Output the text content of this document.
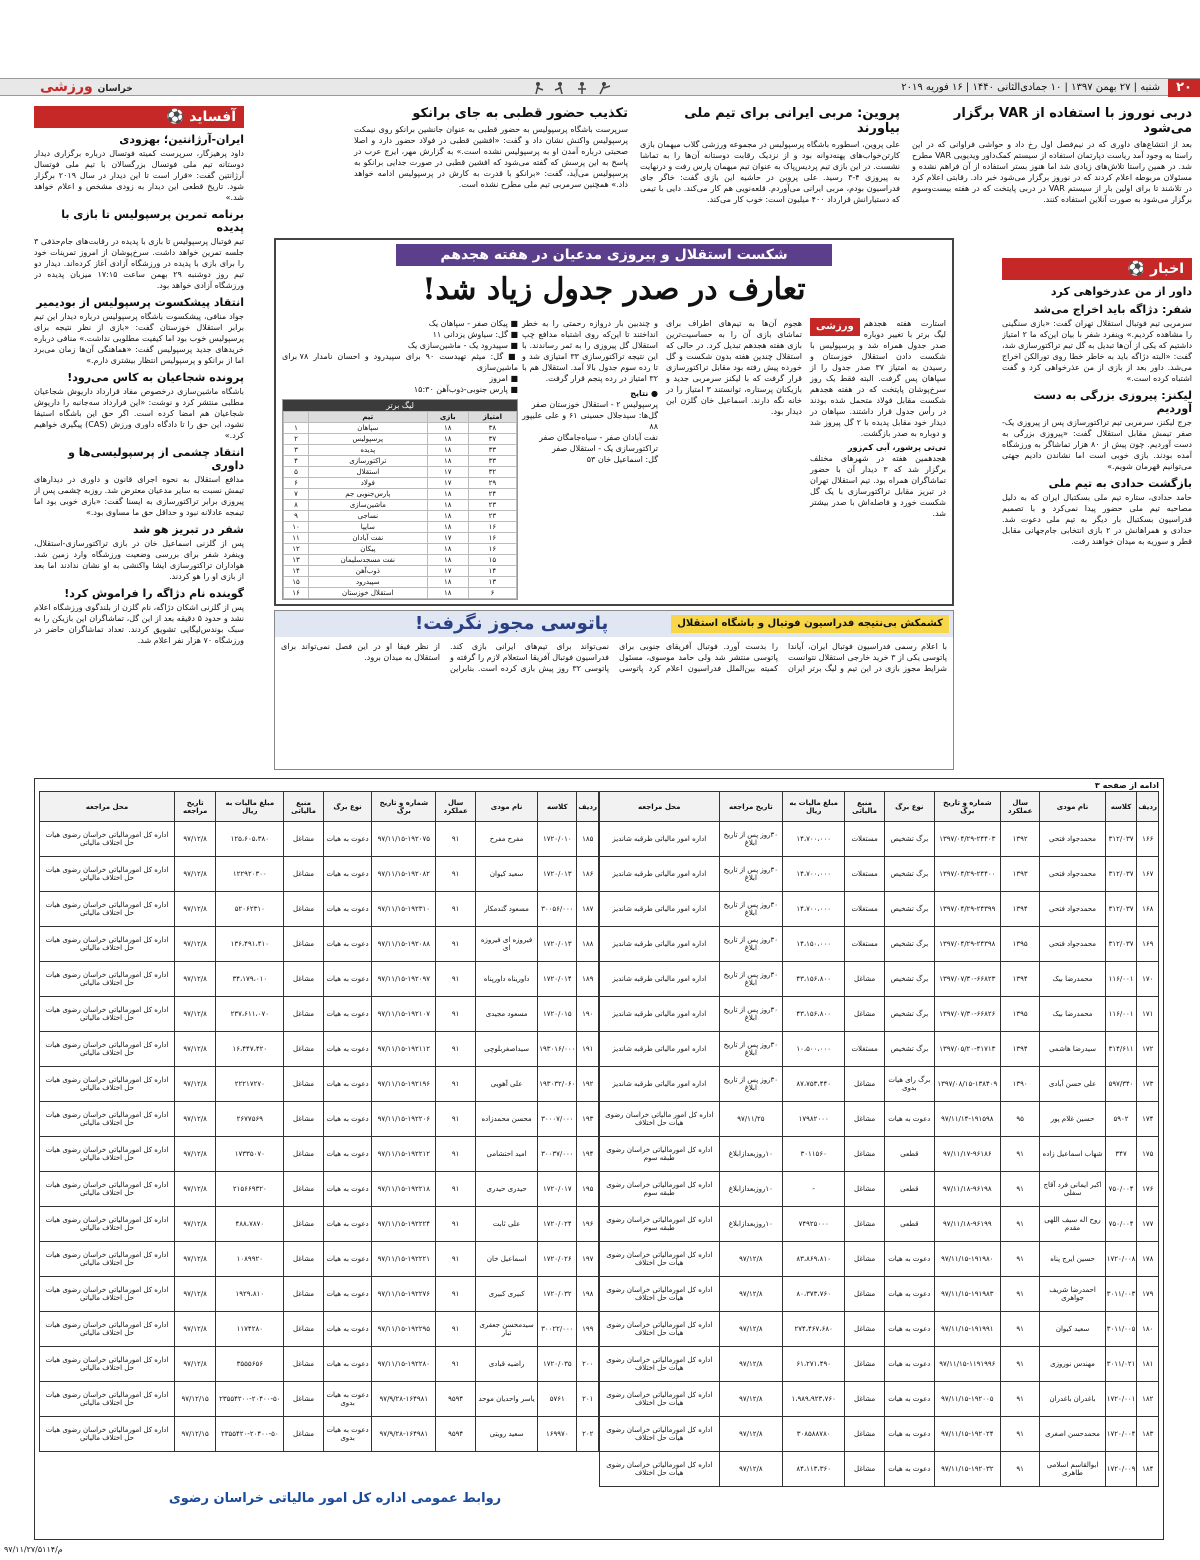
۲۰
شنبه | ۲۷ بهمن ۱۳۹۷ | ۱۰ جمادی‌الثانی ۱۴۴۰ | ۱۶ فوریه ۲۰۱۹
خراسان ورزشی
دربی نوروز با استفاده از VAR برگزار می‌شود

بعد از انتشاع‌های داوری که در نیم‌فصل اول رخ داد و حواشی فراوانی که در این راستا به وجود آمد ریاست دپارتمان استفاده از سیستم کمک‌داور ویدیویی VAR مطرح شد. در همین راستا تلاش‌های زیادی شد اما هنوز بستر استفاده از آن فراهم نشده و مسئولان مربوطه اعلام کردند که در نوروز برگزار می‌شود خبر داد. رقابتی اعلام کرد در تلاشند تا برای اولین بار از سیستم VAR در دربی پایتخت که در هفته بیست‌وسوم برگزار می‌شود به صورت آنلاین استفاده کنند.

پروین: مربی ایرانی برای تیم ملی بیاورند

علی پروین، اسطوره باشگاه پرسپولیس در مجموعه ورزشی گلاب میهمان بازی کارتن‌خواب‌های پهنه‌دوانه بود و از نزدیک رقابت دوستانه آن‌ها را به تماشا نشست. در این بازی تیم پردیس‌پاک به عنوان تیم میهمان پارس رفت و درنهایت به پیروزی ۴-۳ رسید. علی پروین در حاشیه این بازی گفت: خاگر جای فدراسیون بودم، مربی ایرانی می‌آوردم. قلعه‌نویی هم کار می‌کند. دایی با تیمی که دستیارانش قرارداد ۴۰۰ میلیون است: خوب کار می‌کند.

تکذیب حضور قطبی به جای برانکو

سرپرست باشگاه پرسپولیس به حضور قطبی به عنوان جانشین برانکو روی نیمکت پرسپولیس واکنش نشان داد و گفت: «افشین قطبی در فولاد حضور دارد و اصلا صحبتی درباره آمدن او به پرسپولیس نشده است.» به گزارش مهر، ایرج عرب در پاسخ به این پرسش که گفته می‌شود که افشین قطبی در صورت جدایی برانکو به پرسپولیس می‌آید، گفت: «برانکو با قدرت به کارش در پرسپولیس ادامه خواهد داد.» همچنین سرمربی تیم ملی مطرح نشده است.

آفساید ⚽
ایران-آرژانتین؛ بهزودی

داود پرهیزگار، سرپرست کمیته فوتسال درباره برگزاری دیدار دوستانه تیم ملی فوتسال بزرگسالان با تیم ملی فوتسال آرژانتین گفت: «قرار است تا این دیدار در سال ۲۰۱۹ برگزار شود. تاریخ قطعی این دیدار به زودی مشخص و اعلام خواهد شد.»

برنامه تمرین پرسپولیس تا بازی با پدیده

تیم فوتبال پرسپولیس تا بازی با پدیده در رقابت‌های جام‌حذفی ۳ جلسه تمرین خواهد داشت. سرخ‌پوشان از امروز تمرینات خود را برای بازی با پدیده در ورزشگاه آزادی آغاز کرده‌اند. دیدار دو تیم روز دوشنبه ۲۹ بهمن ساعت ۱۷:۱۵ میزبان پدیده در ورزشگاه آزادی خواهد بود.

انتقاد پیشکسوت پرسپولیس از بودیمیر

جواد منافی، پیشکسوت باشگاه پرسپولیس درباره دیدار این تیم برابر استقلال خوزستان گفت: «بازی از نظر نتیجه برای پرسپولیس خوب بود اما کیفیت مطلوبی نداشت.» منافی درباره خریدهای جدید پرسپولیس گفت: «هماهنگی آن‌ها زمان می‌برد اما از برانکو و پرسپولیس انتظار بیشتری دارم.»

پرونده شجاعیان به کاس می‌رود!

باشگاه ماشین‌سازی درخصوص مفاد قرارداد داریوش شجاعیان مطلبی منتشر کرد و نوشت: «این قرارداد سه‌جانبه را داریوش شجاعیان هم امضا کرده است. اگر حق این باشگاه استیفا نشود، این حق را تا دادگاه داوری ورزش (CAS) پیگیری خواهیم کرد.»

انتقاد چشمی از پرسپولیسی‌ها و داوری

مدافع استقلال به نحوه اجرای قانون و داوری در دیدارهای تیمش نسبت به سایر مدعیان معترض شد. روزبه چشمی پس از پیروزی برابر تراکتورسازی به ایسنا گفت: «بازی خوبی بود اما تیمجه عادلانه نبود و حداقل حق ما مساوی بود.»

شفر در تبریز هو شد

پس از گلزنی اسماعیل خان در بازی تراکتورسازی-استقلال، وینفرد شفر برای بررسی وضعیت ورزشگاه وارد زمین شد. هواداران تراکتورسازی ایشا واکنشی به او نشان ندادند اما بعد از بازی او را هو کردند.

گوینده نام دژاگه را فراموش کرد!

پس از گلزنی اشکان دژاگه، نام گلزن از بلندگوی ورزشگاه اعلام نشد و حدود ۵ دقیقه بعد از این گل، تماشاگران این بازیکن را به سبک بوندس‌لیگایی تشویق کردند. تعداد تماشاگران حاضر در ورزشگاه ۷۰ هزار نفر اعلام شد.

اخبار ⚽
داور از من عذرخواهی کرد
شفر: دژاگه باید اخراج می‌شد

سرمربی تیم فوتبال استقلال تهران گفت: «بازی سنگینی را مشاهده کردیم.» وینفرد شفر با بیان این‌که ما ۲ امتیاز داشتیم که یکی از آن‌ها تبدیل به گل تیم تراکتورسازی شد، گفت: «البته دژاگه باید به خاطر خطا روی تورالکن اخراج می‌شد. داور بعد از بازی از من عذرخواهی کرد و گفت اشتباه کرده است.»

لیکنز: پیروزی بزرگی به دست آوردیم

جرج لیکنز، سرمربی تیم تراکتورسازی پس از پیروزی یک-صفر تیمش مقابل استقلال گفت: «پیروزی بزرگی به دست آوردیم. چون پیش از ۸۰ هزار تماشاگر به ورزشگاه آمده بودند. بازی خوبی است اما نشاندن دادیم جهتی می‌توانیم قهرمان شویم.»

بازگشت حدادی به تیم ملی

حامد حدادی، ستاره تیم ملی بسکتبال ایران که به دلیل مصاحبه تیم ملی حضور پیدا نمی‌کرد و با تصمیم فدراسیون بسکتبال بار دیگر به تیم ملی دعوت شد. حدادی و همراهانش در ۲ بازی انتخابی جام‌جهانی مقابل قطر و سوریه به میدان خواهند رفت.

شکست استقلال و پیروزی مدعیان در هفته هجدهم
تعارف در صدر جدول زیاد شد!
ورزشی	استارت هفته هجدهم لیگ برتر با تغییر دوباره صدر جدول همراه شد و پرسپولیس با شکست دادن استقلال خوزستان و رسیدن به امتیاز ۳۷ صدر جدول را از سپاهان پس گرفت. البته فقط یک روز سرخ‌پوشان پایتخت که در هفته هجدهم شکست مقابل فولاد متحمل شده بودند در رأس جدول قرار داشتند. سپاهان در دیدار خود مقابل پدیده با ۲ گل پیروز شد و دوباره به صدر بازگشت.

تی‌تی پرشور، آبی کم‌زور

هجدهمین هفته در شهرهای مختلف برگزار شد که ۳ دیدار آن با حضور تماشاگران همراه بود. تیم استقلال تهران در تبریز مقابل تراکتورسازی با یک گل شکست خورد و فاصله‌اش با صدر بیشتر شد.

هجوم آن‌ها به تیم‌های اطراف برای تماشای بازی آن را به حساسیت‌ترین بازی هفته هجدهم تبدیل کرد. در حالی که استقلال چندین هفته بدون شکست و گل خورده پیش رفته بود مقابل تراکتورسازی قرار گرفت که با لیکنز سرمربی جدید و بازیکنان پرستاره، توانستند ۳ امتیاز را در خانه نگه دارند. اسماعیل خان گلزن این دیدار بود.

و چندبین بار دروازه رحمتی را به خطر انداختند تا این‌که روی اشتباه مدافع چپ استقلال گل پیروزی را به ثمر رساندند. با این نتیجه تراکتورسازی ۳۳ امتیازی شد و تا رده سوم جدول بالا آمد. استقلال هم با ۳۲ امتیاز در رده پنجم قرار گرفت.

● نتایج

پرسپولیس ۲ - استقلال خوزستان صفر

گل‌ها: سیدجلال حسینی ۶۱ و علی علیپور ۸۸

نفت آبادان صفر - سیاه‌جامگان صفر

تراکتورسازی یک - استقلال صفر

گل: اسماعیل خان ۵۳

■ پیکان صفر - سپاهان یک

■ گل: سیاوش یزدانی ۱۱

■ سپیدرود یک - ماشین‌سازی یک

■ گل: میثم تهیدست ۹۰ برای سپیدرود و احسان نامدار ۷۸ برای ماشین‌سازی

■ امروز

■ پارس جنوبی-ذوب‌آهن ۱۵:۳۰

لیگ برتر
امتیاز	بازی	تیم	
۳۸	۱۸	سپاهان	۱
۳۷	۱۸	پرسپولیس	۲
۳۳	۱۸	پدیده	۳
۳۳	۱۸	تراکتورسازی	۴
۳۲	۱۷	استقلال	۵
۲۹	۱۷	فولاد	۶
۲۴	۱۸	پارس‌جنوبی جم	۷
۲۳	۱۸	ماشین‌سازی	۸
۲۳	۱۸	نساجی	۹
۱۶	۱۸	سایپا	۱۰
۱۶	۱۷	نفت آبادان	۱۱
۱۶	۱۸	پیکان	۱۲
۱۵	۱۸	نفت مسجدسلیمان	۱۳
۱۴	۱۷	ذوب‌آهن	۱۴
۱۳	۱۸	سپیدرود	۱۵
۶	۱۸	استقلال خوزستان	۱۶
کشمکش بی‌نتیجه فدراسیون فوتبال و باشگاه استقلال
پاتوسی مجوز نگرفت!

با اعلام رسمی فدراسیون فوتبال ایران، آیاندا پاتوسی یکی از ۳ خرید خارجی استقلال نتوانست شرایط مجوز بازی در این تیم و لیگ برتر ایران را بدست آورد. فوتبال آفریقای جنوبی برای پاتوسی منتشر شد ولی حامد موسوی، مسئول کمیته بین‌الملل فدراسیون اعلام کرد پاتوسی نمی‌تواند برای تیم‌های ایرانی بازی کند. فدراسیون فوتبال آفریقا استعلام لازم را گرفته و پاتوسی ۳۲ روز پیش بازی کرده است. بنابراین از نظر فیفا او در این فصل نمی‌تواند برای استقلال به میدان برود.

ادامه از صفحه ۳
ردیف	کلاسه	نام مودی	سال عملکرد	شماره و تاریخ برگ	نوع برگ	منبع مالیاتی	مبلغ مالیات به ریال	تاریخ مراجعه	محل مراجعه
۱۶۶	۳۱۲/۰۳۷	محمدجواد فتحی	۱۳۹۲	۱۳۹۷/۰۴/۲۹-۲۴۴۰۳	برگ تشخیص	مستغلات	۱۴،۷۰۰،۰۰۰	۳۰روز پس از تاریخ ابلاغ	اداره امور مالیاتی طرقبه شاندیز
۱۶۷	۳۱۲/۰۳۷	محمدجواد فتحی	۱۳۹۳	۱۳۹۷/۰۴/۲۹-۲۴۴۰۰	برگ تشخیص	مستغلات	۱۴،۷۰۰،۰۰۰	۳۰روز پس از تاریخ ابلاغ	اداره امور مالیاتی طرقبه شاندیز
۱۶۸	۳۱۲/۰۳۷	محمدجواد فتحی	۱۳۹۴	۱۳۹۷/۰۴/۲۹-۲۴۳۹۹	برگ تشخیص	مستغلات	۱۴،۷۰۰،۰۰۰	۳۰روز پس از تاریخ ابلاغ	اداره امور مالیاتی طرقبه شاندیز
۱۶۹	۳۱۲/۰۳۷	محمدجواد فتحی	۱۳۹۵	۱۳۹۷/۰۴/۲۹-۲۴۳۹۸	برگ تشخیص	مستغلات	۱۴،۱۵۰،۰۰۰	۳۰روز پس از تاریخ ابلاغ	اداره امور مالیاتی طرقبه شاندیز
۱۷۰	۱۱۶/۰۰۱	محمدرضا بیک	۱۳۹۴	۱۳۹۷/۰۷/۳۰-۶۶۸۲۳	برگ تشخیص	مشاغل	۴۳،۱۵۶،۸۰۰	۳۰روز پس از تاریخ ابلاغ	اداره امور مالیاتی طرقبه شاندیز
۱۷۱	۱۱۶/۰۰۱	محمدرضا بیک	۱۳۹۵	۱۳۹۷/۰۷/۳۰-۶۶۸۲۶	برگ تشخیص	مشاغل	۴۳،۱۵۶،۸۰۰	۳۰روز پس از تاریخ ابلاغ	اداره امور مالیاتی طرقبه شاندیز
۱۷۲	۳۱۴/۶۱۱	سیدرضا هاشمی	۱۳۹۴	۱۳۹۷/۰۵/۲۰-۴۱۷۱۳	برگ تشخیص	مستغلات	۱۰،۵۰۰،۰۰۰	۳۰روز پس از تاریخ ابلاغ	اداره امور مالیاتی طرقبه شاندیز
۱۷۳	۵۹۷/۳۴۰	علی حسن آبادی	۱۳۹۰	۱۳۹۷/۰۸/۱۵-۱۳۸۴۰۹	برگ رای هیات بدوی	مشاغل	۸۷،۷۵۳،۴۴۰	۳۰روز پس از تاریخ ابلاغ	اداره امور مالیاتی طرقبه شاندیز
۱۷۴	۵۹۰۲	حسین غلام پور	۹۵	۹۷/۱۱/۱۴-۱۹۱۵۹۸	دعوت به هیات	مشاغل	۱۷۹۸۲۰۰۰	۹۷/۱۱/۲۵	اداره کل امور مالیاتی خراسان رضوی هیات حل اختلاف
۱۷۵	۳۴۷	شهاب اسماعیل زاده	۹۱	۹۷/۱۱/۱۷-۹۶۱۸۶	قطعی	مشاغل	۳۰۱۱۵۶۰	۱۰روزبعدازابلاغ	اداره کل امورمالیاتی خراسان رضوی طبقه سوم
۱۷۶	۷۵۰/۰۰۴	اکبر ایمانی فرد آقاج سفلی	۹۱	۹۷/۱۱/۱۸-۹۶۱۹۸	قطعی	مشاغل	-	۱۰روزبعدازابلاغ	اداره کل امورمالیاتی خراسان رضوی طبقه سوم
۱۷۷	۷۵۰/۰۰۴	روح اله سیف اللهی مقدم	۹۱	۹۷/۱۱/۱۸-۹۶۱۹۹	قطعی	مشاغل	۷۴۹۲۵۰۰۰	۱۰روزبعدازابلاغ	اداره کل امورمالیاتی خراسان رضوی طبقه سوم
۱۷۸	۱۷۲۰/۰۰۸	حسین ایرج پناه	۹۱	۹۷/۱۱/۱۵-۱۹۱۹۸۰	دعوت به هیات	مشاغل	۸۳،۸۶۹،۸۱۰	۹۷/۱۲/۸	اداره کل امورمالیاتی خراسان رضوی هیات حل اختلاف
۱۷۹	۳۰۱۱/۰۰۳	احمدرضا شریف جواهری	۹۱	۹۷/۱۱/۱۵-۱۹۱۹۸۳	دعوت به هیات	مشاغل	۸۰،۳۷۳،۷۶۰	۹۷/۱۲/۸	اداره کل امورمالیاتی خراسان رضوی هیات حل اختلاف
۱۸۰	۳۰۱۱/۰۰۵	سعید کیوان	۹۱	۹۷/۱۱/۱۵-۱۹۱۹۹۱	دعوت به هیات	مشاغل	۲۷۴،۴۶۷،۶۸۰	۹۷/۱۲/۸	اداره کل امورمالیاتی خراسان رضوی هیات حل اختلاف
۱۸۱	۳۰۱۱/۰۲۱	مهندس نوروزی	۹۱	۹۷/۱۱/۱۵-۱۱۹۱۹۹۶	دعوت به هیات	مشاغل	۶۱،۲۷۱،۴۹۰	۹۷/۱۲/۸	اداره کل امورمالیاتی خراسان رضوی هیات حل اختلاف
۱۸۲	۱۷۲۰/۰۰۱	باغدران باغدران	۹۱	۹۷/۱۱/۱۵-۱۹۲۰۰۵	دعوت به هیات	مشاغل	۱،۹۸۹،۹۲۳،۷۶۰	۹۷/۱۲/۸	اداره کل امورمالیاتی خراسان رضوی هیات حل اختلاف
۱۸۳	۱۷۲۰/۰۰۴	محمدحسن اصغری	۹۱	۹۷/۱۱/۱۵-۱۹۲۰۲۴	دعوت به هیات	مشاغل	۳۰۸۵۸۸۷۸۰	۹۷/۱۲/۸	اداره کل امورمالیاتی خراسان رضوی هیات حل اختلاف
۱۸۴	۱۷۲۰/۰۰۹	ابوالقاسم اسلامی طاهری	۹۱	۹۷/۱۱/۱۵-۱۹۲۰۳۲	دعوت به هیات	مشاغل	۸۴،۱۱۳،۳۶۰	۹۷/۱۲/۸	اداره کل امورمالیاتی خراسان رضوی هیات حل اختلاف
ردیف	کلاسه	نام مودی	سال عملکرد	شماره و تاریخ برگ	نوع برگ	منبع مالیاتی	مبلغ مالیات به ریال	تاریخ مراجعه	محل مراجعه
۱۸۵	۱۷۲۰/۰۱۰	مفرح مفرح	۹۱	۹۷/۱۱/۱۵-۱۹۲۰۷۵	دعوت به هیات	مشاغل	۱۲۵،۶۰۵،۳۸۰	۹۷/۱۲/۸	اداره کل امورمالیاتی خراسان رضوی هیات حل اختلاف مالیاتی
۱۸۶	۱۷۲۰/۰۱۳	سعید کیوان	۹۱	۹۷/۱۱/۱۵-۱۹۲۰۸۲	دعوت به هیات	مشاغل	۱۲۲۹۲۰۳۰۰	۹۷/۱۲/۸	اداره کل امورمالیاتی خراسان رضوی هیات حل اختلاف مالیاتی
۱۸۷	۳۰۰۵۶/۰۰۰	مسعود گندمکار	۹۱	۹۷/۱۱/۱۵-۱۹۲۳۱۰	دعوت به هیات	مشاغل	۵۲۰۶۲۳۱۰	۹۷/۱۲/۸	اداره کل امورمالیاتی خراسان رضوی هیات حل اختلاف مالیاتی
۱۸۸	۱۷۲۰/۰۱۳	فیروزه ای فیروزه ای	۹۱	۹۷/۱۱/۱۵-۱۹۲۰۸۸	دعوت به هیات	مشاغل	۱۳۶،۴۹۱،۴۱۰	۹۷/۱۲/۸	اداره کل امورمالیاتی خراسان رضوی هیات حل اختلاف مالیاتی
۱۸۹	۱۷۲۰/۰۱۴	داوریناه داورپناه	۹۱	۹۷/۱۱/۱۵-۱۹۲۰۹۷	دعوت به هیات	مشاغل	۳۴،۱۷۹،۰۱۰	۹۷/۱۲/۸	اداره کل امورمالیاتی خراسان رضوی هیات حل اختلاف مالیاتی
۱۹۰	۱۷۲۰/۰۱۵	مسعود مجیدی	۹۱	۹۷/۱۱/۱۵-۱۹۲۱۰۷	دعوت به هیات	مشاغل	۲۳۷،۶۱۱،۰۷۰	۹۷/۱۲/۸	اداره کل امورمالیاتی خراسان رضوی هیات حل اختلاف مالیاتی
۱۹۱	۱۹۳۰۱۶/۰۰۰	سیداصغربلوچی	۹۱	۹۷/۱۱/۱۵-۱۹۲۱۱۲	دعوت به هیات	مشاغل	۱۶،۴۴۷،۴۲۰	۹۷/۱۲/۸	اداره کل امورمالیاتی خراسان رضوی هیات حل اختلاف مالیاتی
۱۹۲	۱۹۳۰۳۲/۰۶۰	علی آهویی	۹۱	۹۷/۱۱/۱۵-۱۹۲۱۹۶	دعوت به هیات	مشاغل	۲۲۲۱۷۲۷۰	۹۷/۱۲/۸	اداره کل امورمالیاتی خراسان رضوی هیات حل اختلاف مالیاتی
۱۹۳	۳۰۰۰۷/۰۰۰	محسن محمدزاده	۹۱	۹۷/۱۱/۱۵-۱۹۲۲۰۶	دعوت به هیات	مشاغل	۲۶۷۷۵۶۹	۹۷/۱۲/۸	اداره کل امورمالیاتی خراسان رضوی هیات حل اختلاف مالیاتی
۱۹۴	۳۰۰۳۷/۰۰۰	امید احتشامی	۹۱	۹۷/۱۱/۱۵-۱۹۲۲۱۲	دعوت به هیات	مشاغل	۱۷۳۳۵۰۷۰	۹۷/۱۲/۸	اداره کل امورمالیاتی خراسان رضوی هیات حل اختلاف مالیاتی
۱۹۵	۱۷۲۰/۰۱۷	حیدری حیدری	۹۱	۹۷/۱۱/۱۵-۱۹۲۲۱۸	دعوت به هیات	مشاغل	۲۱۵۶۶۹۳۲۰	۹۷/۱۲/۸	اداره کل امورمالیاتی خراسان رضوی هیات حل اختلاف مالیاتی
۱۹۶	۱۷۲۰/۰۲۴	علی ثابت	۹۱	۹۷/۱۱/۱۵-۱۹۲۲۲۴	دعوت به هیات	مشاغل	۴۸۸،۷۸۷۰	۹۷/۱۲/۸	اداره کل امورمالیاتی خراسان رضوی هیات حل اختلاف مالیاتی
۱۹۷	۱۷۲۰/۰۲۶	اسماعیل خان	۹۱	۹۷/۱۱/۱۵-۱۹۲۲۲۱	دعوت به هیات	مشاغل	۱۰۸۹۹۲۰	۹۷/۱۲/۸	اداره کل امورمالیاتی خراسان رضوی هیات حل اختلاف مالیاتی
۱۹۸	۱۷۲۰/۰۳۲	کبیری کبیری	۹۱	۹۷/۱۱/۱۵-۱۹۲۲۷۶	دعوت به هیات	مشاغل	۱۹۲۹،۸۱۰	۹۷/۱۲/۸	اداره کل امورمالیاتی خراسان رضوی هیات حل اختلاف مالیاتی
۱۹۹	۳۰۰۲۲/۰۰۰	سیدمحسن جعفری تبار	۹۱	۹۷/۱۱/۱۵-۱۹۲۲۹۵	دعوت به هیات	مشاغل	۱۱۷۴۲۸۰	۹۷/۱۲/۸	اداره کل امورمالیاتی خراسان رضوی هیات حل اختلاف مالیاتی
۲۰۰	۱۷۲۰/۰۳۵	راضیه قبادی	۹۱	۹۷/۱۱/۱۵-۱۹۲۲۸۰	دعوت به هیات	مشاغل	۳۵۵۵۶۵۶	۹۷/۱۲/۸	اداره کل امورمالیاتی خراسان رضوی هیات حل اختلاف مالیاتی
۲۰۱	۵۷۶۱	یاسر واحدیان موحد	۹۵۹۴	۹۷/۹/۲۸-۱۶۴۹۸۱	دعوت به هیات بدوی	مشاغل	۲۳۵۵۴۲۰۰-۲۰۴۰۰-۵۰	۹۷/۱۲/۱۵	اداره کل امورمالیاتی خراسان رضوی هیات حل اختلاف مالیاتی
۲۰۲	۱۶۹۹۷۰	سعید رویتی	۹۵۹۴	۹۷/۹/۲۸-۱۶۴۹۸۱	دعوت به هیات بدوی	مشاغل	۲۳۵۵۴۲۰-۲۰۴۰۰-۵۰	۹۷/۱۲/۱۵	اداره کل امورمالیاتی خراسان رضوی هیات حل اختلاف مالیاتی
روابط عمومی اداره کل امور مالیاتی خراسان رضوی
م/۹۷/۱۱/۲۷/۵۱۱۴
